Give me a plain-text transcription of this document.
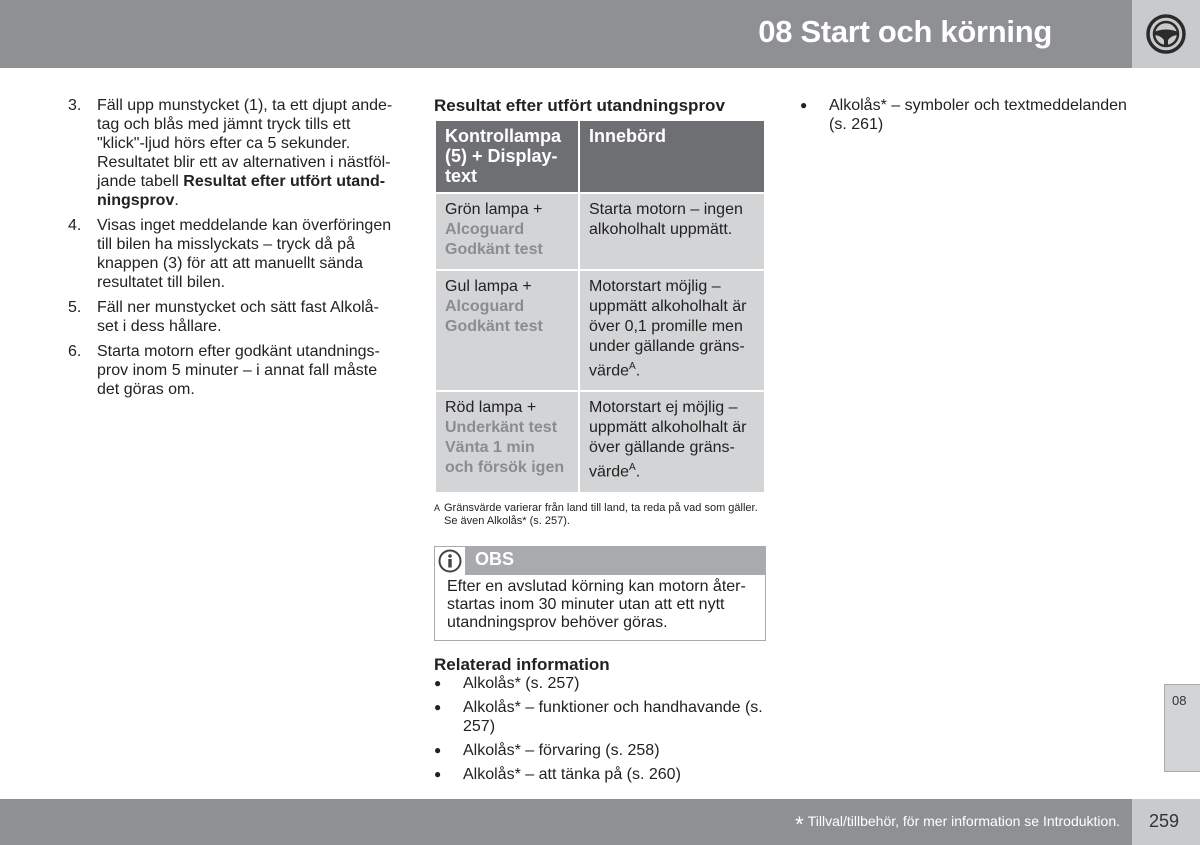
08 Start och körning
3. Fäll upp munstycket (1), ta ett djupt ande-tag och blås med jämnt tryck tills ett "klick"-ljud hörs efter ca 5 sekunder. Resultatet blir ett av alternativen i nästföl-jande tabell Resultat efter utfört utand-ningsprov.
4. Visas inget meddelande kan överföringen till bilen ha misslyckats – tryck då på knappen (3) för att att manuellt sända resultatet till bilen.
5. Fäll ner munstycket och sätt fast Alkolå-set i dess hållare.
6. Starta motorn efter godkänt utandnings-prov inom 5 minuter – i annat fall måste det göras om.
Resultat efter utfört utandningsprov
Kontrollampa (5) + Display-text	Innebörd

Grön lampa +
Alcoguard
Godkänt test	Starta motorn – ingen alkoholhalt uppmätt.

Gul lampa +
Alcoguard
Godkänt test	Motorstart möjlig – uppmätt alkoholhalt är över 0,1 promille men under gällande gräns-värde$^A$.

Röd lampa +
Underkänt test
Vänta 1 min
och försök igen	Motorstart ej möjlig – uppmätt alkoholhalt är över gällande gräns-värde$^A$.
A Gränsvärde varierar från land till land, ta reda på vad som gäller. Se även Alkolås* (s. 257).
OBS
Efter en avslutad körning kan motorn åter-startas inom 30 minuter utan att ett nytt utandningsprov behöver göras.
Relaterad information
●	Alkolås* (s. 257)
●	Alkolås* – funktioner och handhavande (s. 257)
●	Alkolås* – förvaring (s. 258)
●	Alkolås* – att tänka på (s. 260)
●	Alkolås* – symboler och textmeddelanden (s. 261)
08
* Tillval/tillbehör, för mer information se Introduktion. 259
